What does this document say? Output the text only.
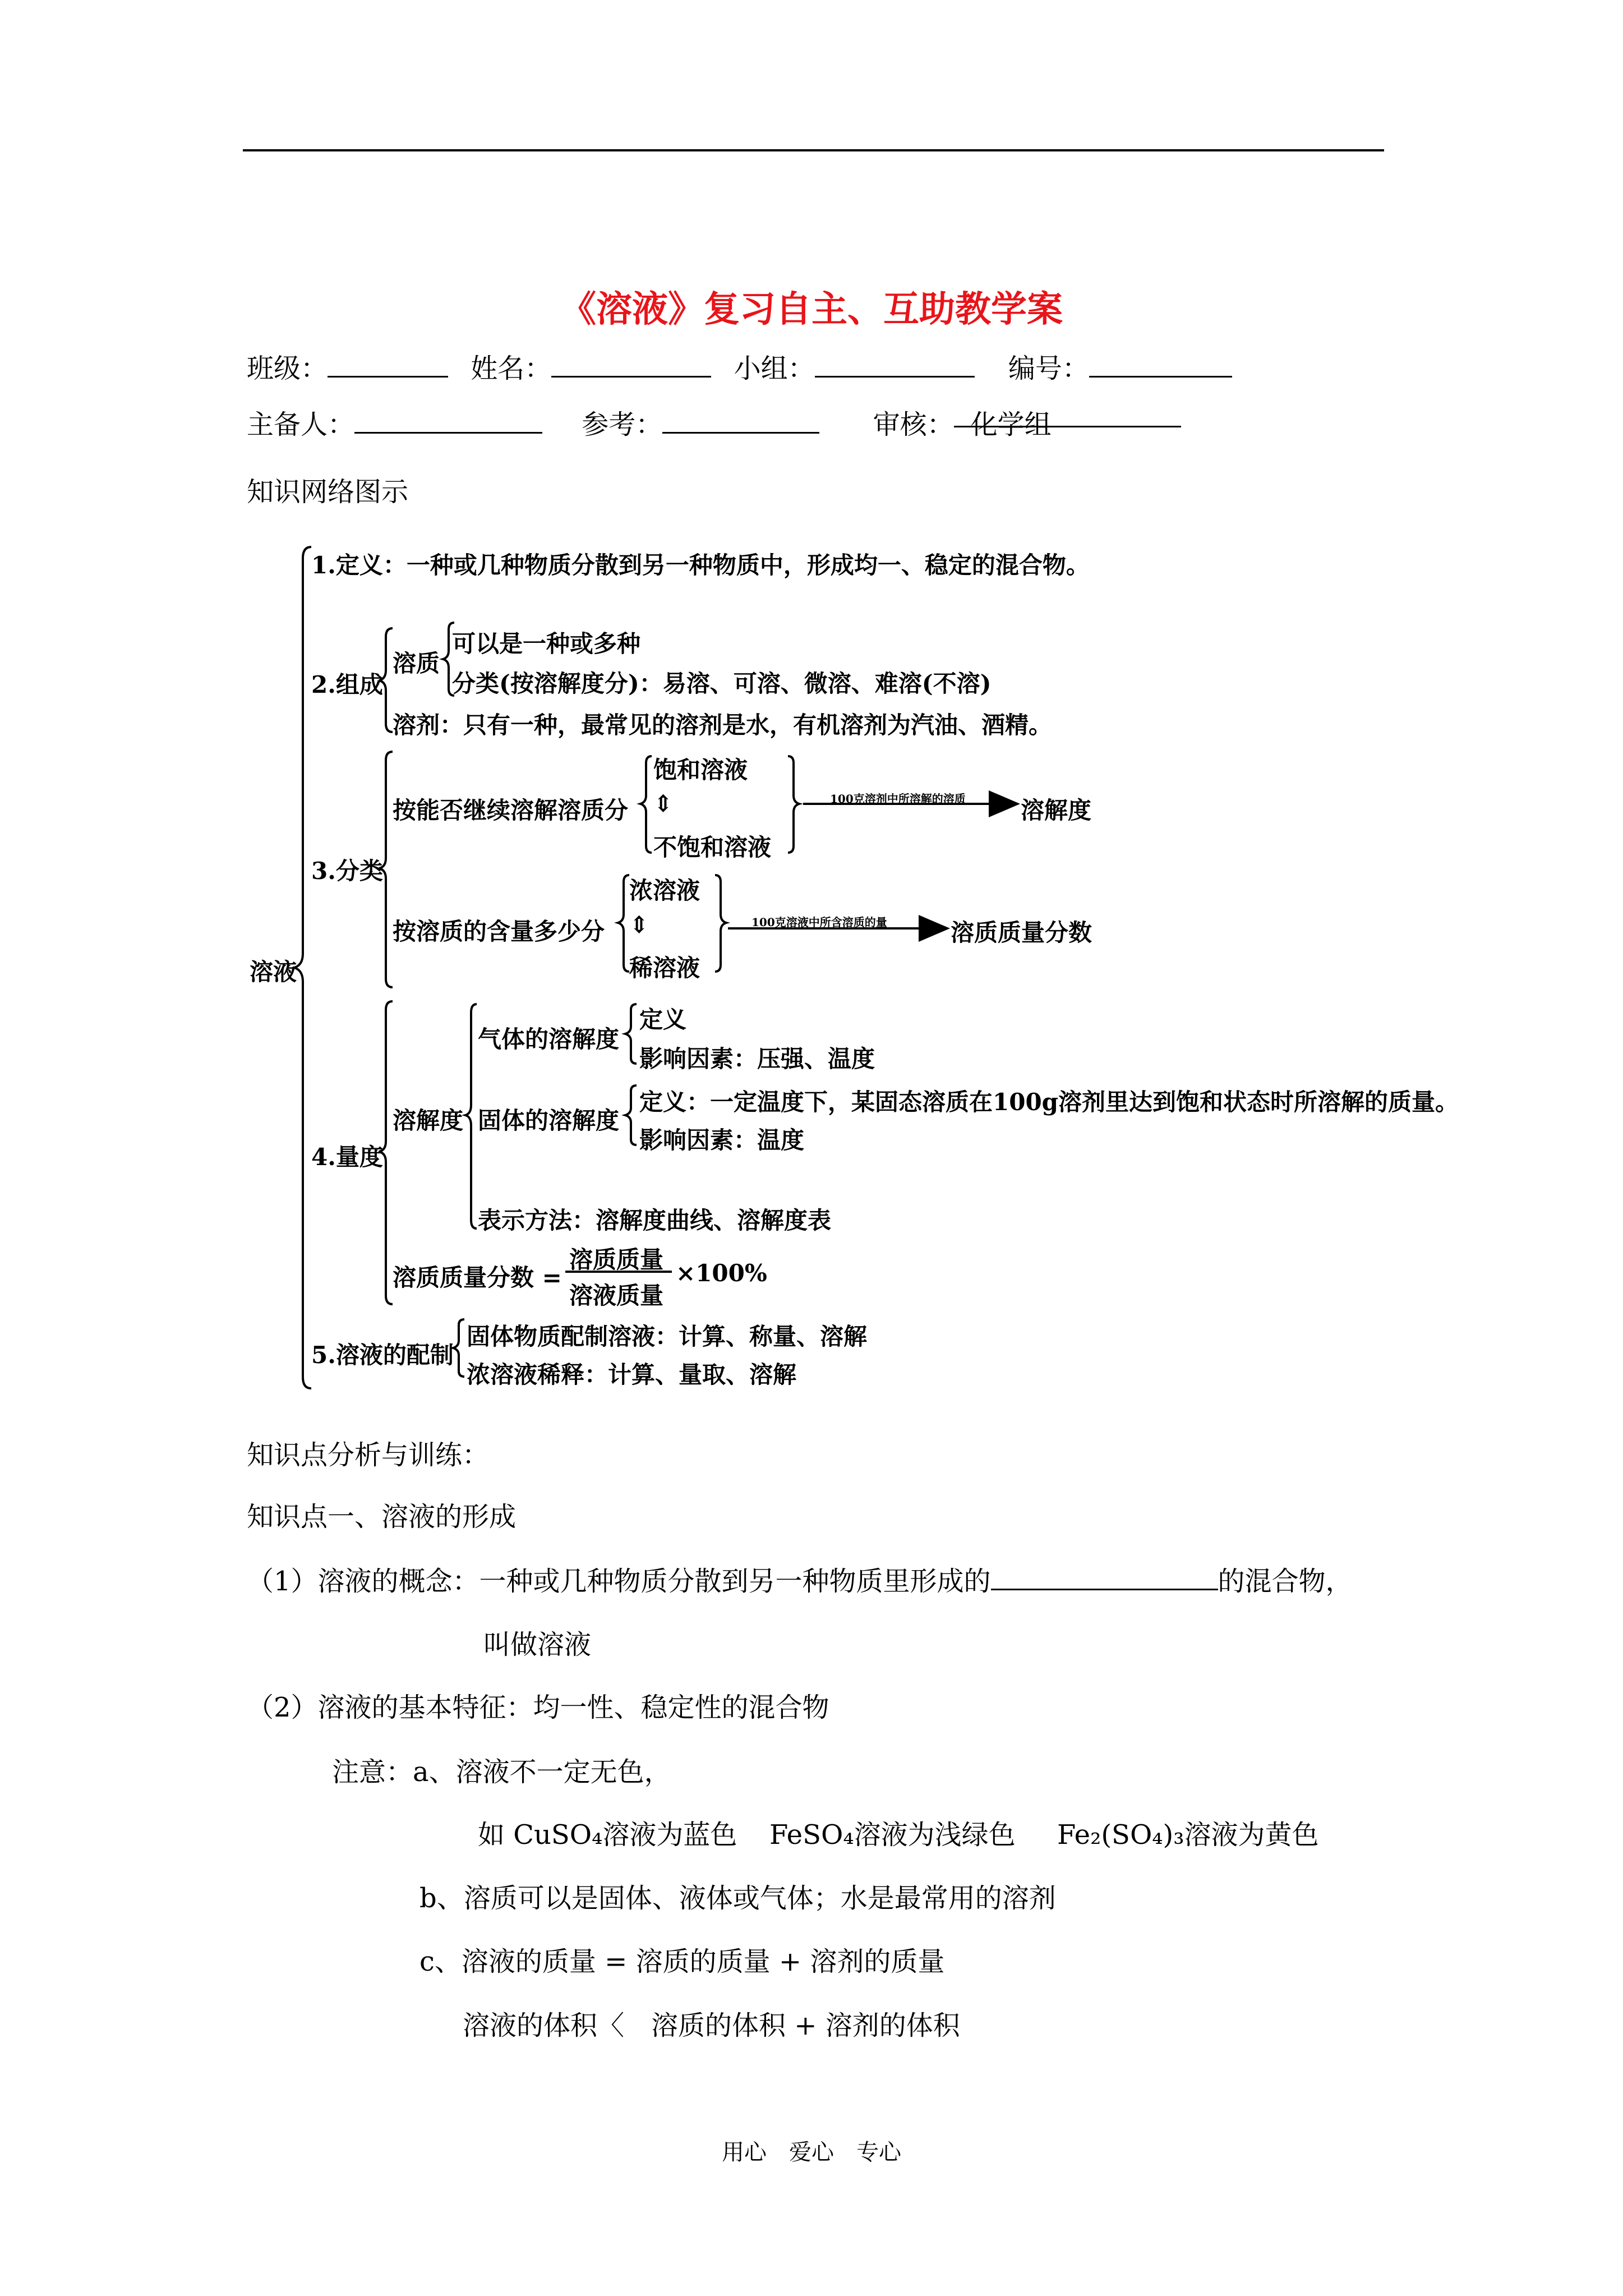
《溶液》复习自主、互助教学案
班级：	姓名：	小组：	编号：
主备人：	参考：	审核： 化学组
知识网络图示
溶液
1.定义：一种或几种物质分散到另一种物质中，形成均一、稳定的混合物。
2.组成
溶质
可以是一种或多种
分类(按溶解度分)：易溶、可溶、微溶、难溶(不溶)
溶剂：只有一种，最常见的溶剂是水，有机溶剂为汽油、酒精。
3.分类
按能否继续溶解溶质分
饱和溶液
⇕
不饱和溶液
100克溶剂中所溶解的溶质 溶解度
按溶质的含量多少分
浓溶液
⇕
稀溶液
100克溶液中所含溶质的量	溶质质量分数
4.量度
溶解度
气体的溶解度
定义
影响因素：压强、温度
固体的溶解度
定义：一定温度下，某固态溶质在100g溶剂里达到饱和状态时所溶解的质量。
影响因素：温度
表示方法：溶解度曲线、溶解度表
溶质质量分数 =
溶质质量
溶液质量
×100%
5.溶液的配制
固体物质配制溶液：计算、称量、溶解
浓溶液稀释：计算、量取、溶解
知识点分析与训练：
知识点一、溶液的形成
（1）溶液的概念：一种或几种物质分散到另一种物质里形成的	的混合物，
叫做溶液
（2）溶液的基本特征：均一性、稳定性的混合物
注意：a、溶液不一定无色，
如 CuSO₄溶液为蓝色 FeSO₄溶液为浅绿色 Fe₂(SO₄)₃溶液为黄色
b、溶质可以是固体、液体或气体；水是最常用的溶剂
c、溶液的质量 = 溶质的质量 + 溶剂的质量
溶液的体积〈　溶质的体积 + 溶剂的体积
用心　爱心　专心
